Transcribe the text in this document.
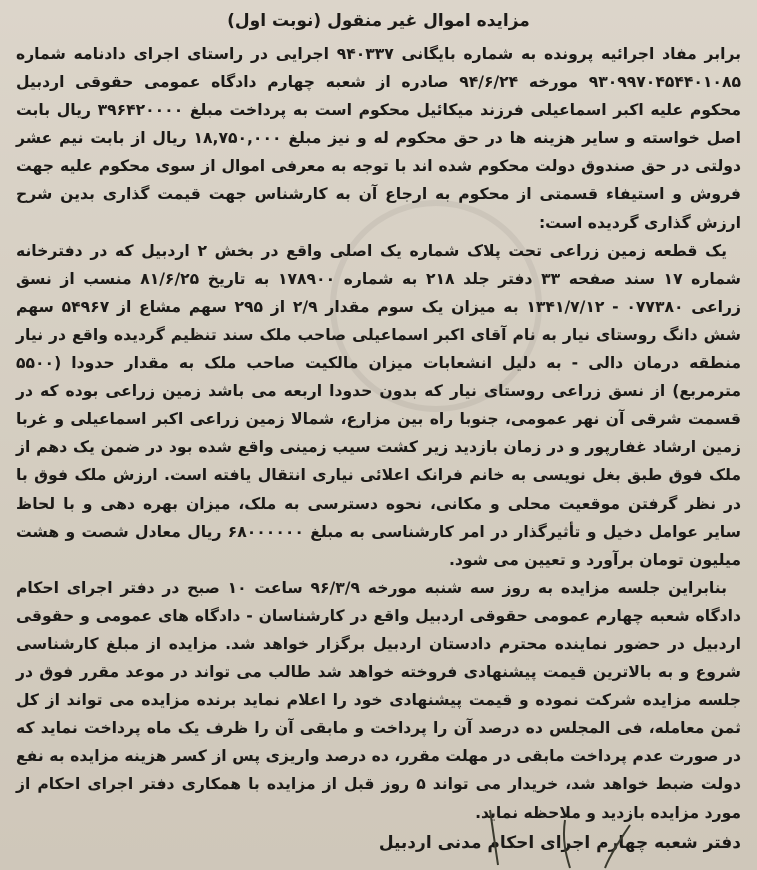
مزایده اموال غیر منقول (نوبت اول)

برابر مفاد اجرائیه پرونده به شماره بایگانی ۹۴۰۳۳۷ اجرایی در راستای اجرای دادنامه شماره ۹۳۰۹۹۷۰۴۵۴۴۰۱۰۸۵ مورخه ۹۴/۶/۲۴ صادره از شعبه چهارم دادگاه عمومی حقوقی اردبیل محکوم علیه اکبر اسماعیلی فرزند میکائیل محکوم است به پرداخت مبلغ ۳۹۶۴۲۰۰۰۰ ریال بابت اصل خواسته و سایر هزینه ها در حق محکوم له و نیز مبلغ ۱۸,۷۵۰,۰۰۰ ریال از بابت نیم عشر دولتی در حق صندوق دولت محکوم شده اند با توجه به معرفی اموال از سوی محکوم علیه جهت فروش و استیفاء قسمتی از محکوم به ارجاع آن به کارشناس جهت قیمت گذاری بدین شرح ارزش گذاری گردیده است:

یک قطعه زمین زراعی تحت پلاک شماره یک اصلی واقع در بخش ۲ اردبیل که در دفترخانه شماره ۱۷ سند صفحه ۳۳ دفتر جلد ۲۱۸ به شماره ۱۷۸۹۰۰ به تاریخ ۸۱/۶/۲۵ منسب از نسق زراعی ۰۷۷۳۸۰ - ۱۳۴۱/۷/۱۲ به میزان یک سوم مقدار ۲/۹ از ۲۹۵ سهم مشاع از ۵۴۹۶۷ سهم شش دانگ روستای نیار به نام آقای اکبر اسماعیلی صاحب ملک سند تنظیم گردیده واقع در نیار منطقه درمان دالی - به دلیل انشعابات میزان مالکیت صاحب ملک به مقدار حدودا (۵۵۰۰ مترمربع) از نسق زراعی روستای نیار که بدون حدودا اربعه می باشد زمین زراعی بوده که در قسمت شرقی آن نهر عمومی، جنوبا راه بین مزارع، شمالا زمین زراعی اکبر اسماعیلی و غربا زمین ارشاد غفارپور و در زمان بازدید زیر کشت سیب زمینی واقع شده بود در ضمن یک دهم از ملک فوق طبق بغل نویسی به خانم فرانک اعلائی نیاری انتقال یافته است. ارزش ملک فوق با در نظر گرفتن موقعیت محلی و مکانی، نحوه دسترسی به ملک، میزان بهره دهی و با لحاظ سایر عوامل دخیل و تأثیرگذار در امر کارشناسی به مبلغ ۶۸۰۰۰۰۰۰ ریال معادل شصت و هشت میلیون تومان برآورد و تعیین می شود.

بنابراین جلسه مزایده به روز سه شنبه مورخه ۹۶/۳/۹ ساعت ۱۰ صبح در دفتر اجرای احکام دادگاه شعبه چهارم عمومی حقوقی اردبیل واقع در کارشناسان - دادگاه های عمومی و حقوقی اردبیل در حضور نماینده محترم دادستان اردبیل برگزار خواهد شد. مزایده از مبلغ کارشناسی شروع و به بالاترین قیمت پیشنهادی فروخته خواهد شد طالب می تواند در موعد مقرر فوق در جلسه مزایده شرکت نموده و قیمت پیشنهادی خود را اعلام نماید برنده مزایده می تواند از کل ثمن معامله، فی المجلس ده درصد آن را پرداخت و مابقی آن را ظرف یک ماه پرداخت نماید که در صورت عدم پرداخت مابقی در مهلت مقرر، ده درصد واریزی پس از کسر هزینه مزایده به نفع دولت ضبط خواهد شد، خریدار می تواند ۵ روز قبل از مزایده با همکاری دفتر اجرای احکام از مورد مزایده بازدید و ملاحظه نماید.

دفتر شعبه چهارم اجرای احکام مدنی اردبیل
